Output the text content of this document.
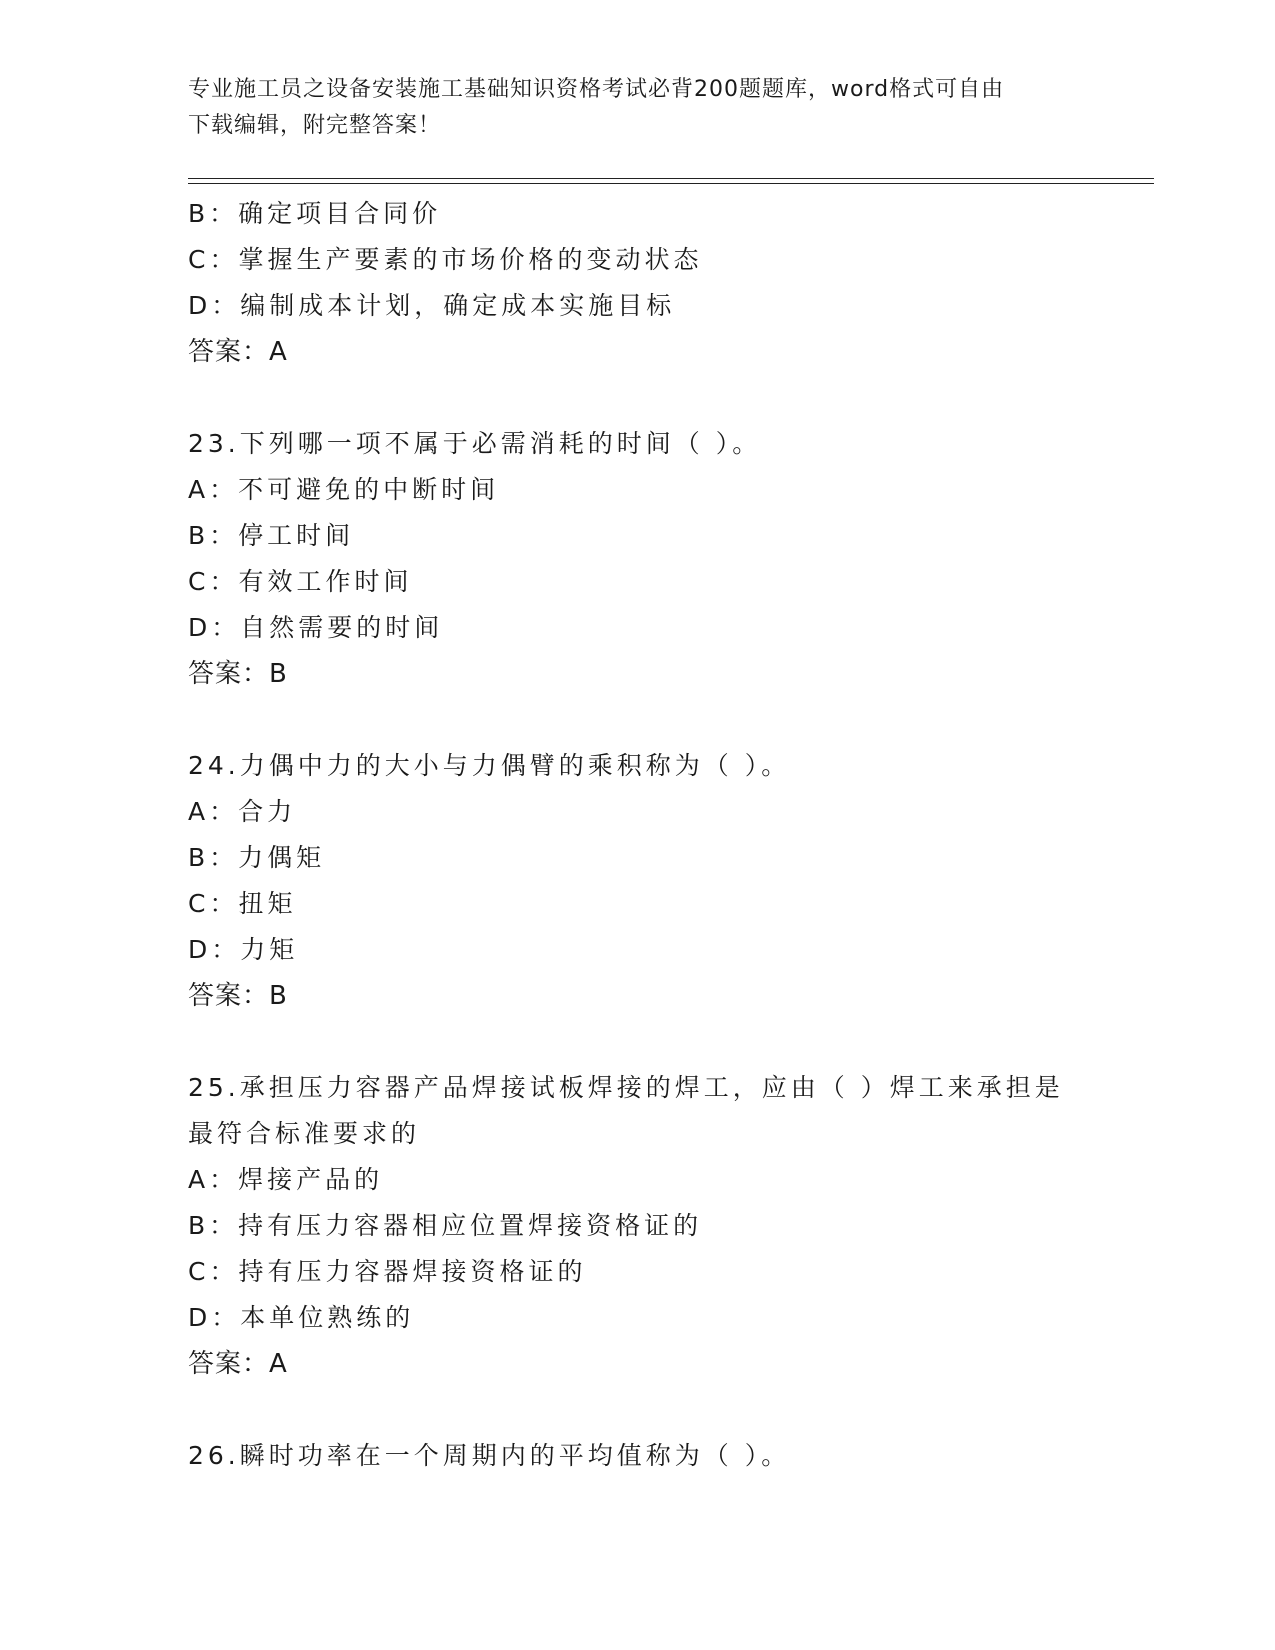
专业施工员之设备安装施工基础知识资格考试必背200题题库，word格式可自由
下载编辑，附完整答案！
B：确定项目合同价
C：掌握生产要素的市场价格的变动状态
D：编制成本计划，确定成本实施目标
答案：A
23.下列哪一项不属于必需消耗的时间（ ）。
A：不可避免的中断时间
B：停工时间
C：有效工作时间
D：自然需要的时间
答案：B
24.力偶中力的大小与力偶臂的乘积称为（ ）。
A：合力
B：力偶矩
C：扭矩
D：力矩
答案：B
25.承担压力容器产品焊接试板焊接的焊工，应由（ ）焊工来承担是
最符合标准要求的
A：焊接产品的
B：持有压力容器相应位置焊接资格证的
C：持有压力容器焊接资格证的
D：本单位熟练的
答案：A
26.瞬时功率在一个周期内的平均值称为（ ）。
